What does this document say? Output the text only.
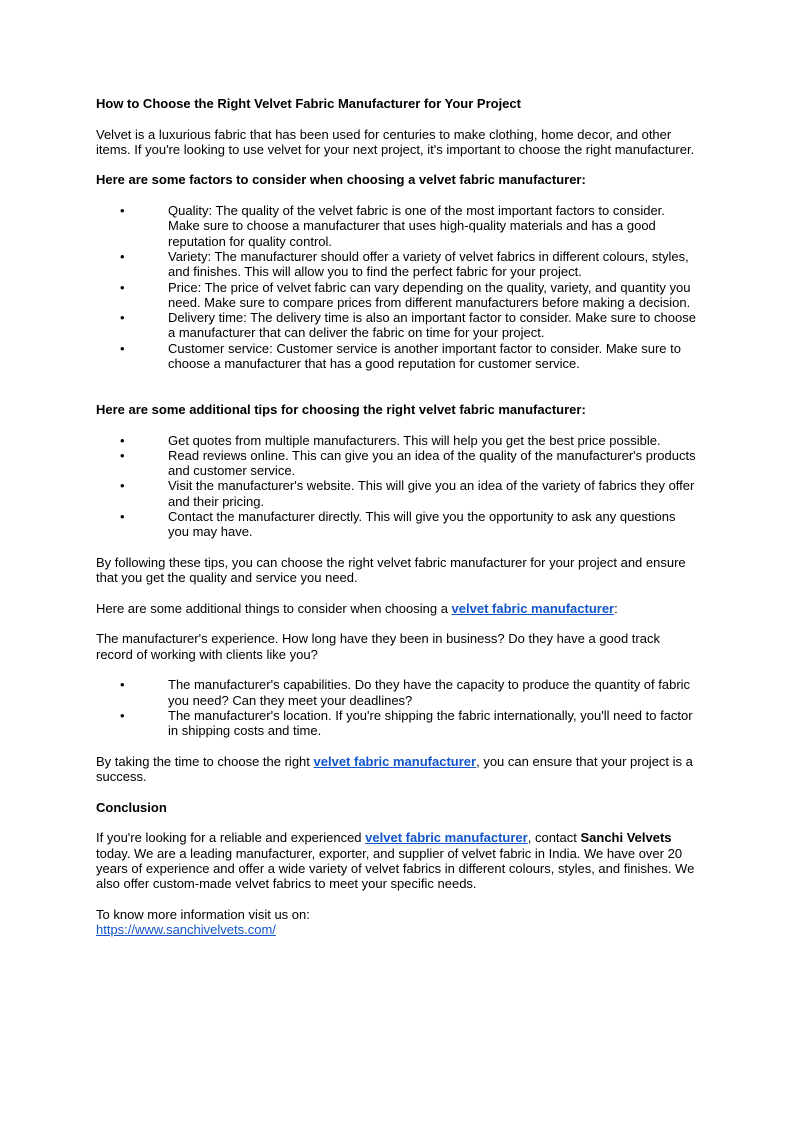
How to Choose the Right Velvet Fabric Manufacturer for Your Project

Velvet is a luxurious fabric that has been used for centuries to make clothing, home decor, and other items. If you're looking to use velvet for your next project, it's important to choose the right manufacturer.

Here are some factors to consider when choosing a velvet fabric manufacturer:
•	Quality: The quality of the velvet fabric is one of the most important factors to consider. Make sure to choose a manufacturer that uses high-quality materials and has a good reputation for quality control.
•	Variety: The manufacturer should offer a variety of velvet fabrics in different colours, styles, and finishes. This will allow you to find the perfect fabric for your project.
•	Price: The price of velvet fabric can vary depending on the quality, variety, and quantity you need. Make sure to compare prices from different manufacturers before making a decision.
•	Delivery time: The delivery time is also an important factor to consider. Make sure to choose a manufacturer that can deliver the fabric on time for your project.
•	Customer service: Customer service is another important factor to consider. Make sure to choose a manufacturer that has a good reputation for customer service.
Here are some additional tips for choosing the right velvet fabric manufacturer:
•	Get quotes from multiple manufacturers. This will help you get the best price possible.
•	Read reviews online. This can give you an idea of the quality of the manufacturer's products and customer service.
•	Visit the manufacturer's website. This will give you an idea of the variety of fabrics they offer and their pricing.
•	Contact the manufacturer directly. This will give you the opportunity to ask any questions you may have.

By following these tips, you can choose the right velvet fabric manufacturer for your project and ensure that you get the quality and service you need.

Here are some additional things to consider when choosing a velvet fabric manufacturer:

The manufacturer's experience. How long have they been in business? Do they have a good track record of working with clients like you?

•	The manufacturer's capabilities. Do they have the capacity to produce the quantity of fabric you need? Can they meet your deadlines?
•	The manufacturer's location. If you're shipping the fabric internationally, you'll need to factor in shipping costs and time.

By taking the time to choose the right velvet fabric manufacturer, you can ensure that your project is a success.

Conclusion

If you're looking for a reliable and experienced velvet fabric manufacturer, contact Sanchi Velvets today. We are a leading manufacturer, exporter, and supplier of velvet fabric in India. We have over 20 years of experience and offer a wide variety of velvet fabrics in different colours, styles, and finishes. We also offer custom-made velvet fabrics to meet your specific needs.

To know more information visit us on:

https://www.sanchivelvets.com/
